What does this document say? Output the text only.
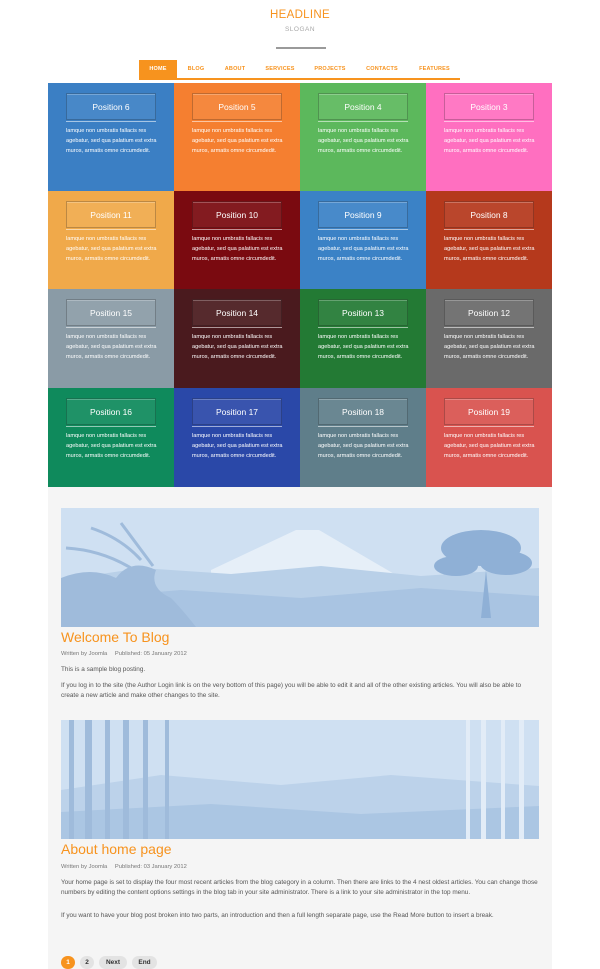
HEADLINE
SLOGAN
HOME	BLOG	ABOUT	SERVICES	PROJECTS	CONTACTS	FEATURES
Position 6
lamque non umbratis fallacis res agebatur, sed qua palatium est extra muros, armatis omne circumdedit.
Position 5
lamque non umbratis fallacis res agebatur, sed qua palatium est extra muros, armatis omne circumdedit.
Position 4
lamque non umbratis fallacis res agebatur, sed qua palatium est extra muros, armatis omne circumdedit.
Position 3
lamque non umbratis fallacis res agebatur, sed qua palatium est extra muros, armatis omne circumdedit.
Position 11
lamque non umbratis fallacis res agebatur, sed qua palatium est extra muros, armatis omne circumdedit.
Position 10
lamque non umbratis fallacis res agebatur, sed qua palatium est extra muros, armatis omne circumdedit.
Position 9
lamque non umbratis fallacis res agebatur, sed qua palatium est extra muros, armatis omne circumdedit.
Position 8
lamque non umbratis fallacis res agebatur, sed qua palatium est extra muros, armatis omne circumdedit.
Position 15
lamque non umbratis fallacis res agebatur, sed qua palatium est extra muros, armatis omne circumdedit.
Position 14
lamque non umbratis fallacis res agebatur, sed qua palatium est extra muros, armatis omne circumdedit.
Position 13
lamque non umbratis fallacis res agebatur, sed qua palatium est extra muros, armatis omne circumdedit.
Position 12
lamque non umbratis fallacis res agebatur, sed qua palatium est extra muros, armatis omne circumdedit.
Position 16
lamque non umbratis fallacis res agebatur, sed qua palatium est extra muros, armatis omne circumdedit.
Position 17
lamque non umbratis fallacis res agebatur, sed qua palatium est extra muros, armatis omne circumdedit.
Position 18
lamque non umbratis fallacis res agebatur, sed qua palatium est extra muros, armatis omne circumdedit.
Position 19
lamque non umbratis fallacis res agebatur, sed qua palatium est extra muros, armatis omne circumdedit.
Welcome To Blog
Written by Joomla Published: 05 January 2012
This is a sample blog posting.
If you log in to the site (the Author Login link is on the very bottom of this page) you will be able to edit it and all of the other existing articles. You will also be able to create a new article and make other changes to the site.
About home page
Written by Joomla Published: 03 January 2012
Your home page is set to display the four most recent articles from the blog category in a column. Then there are links to the 4 nest oldest articles. You can change those numbers by editing the content options settings in the blog tab in your site administrator. There is a link to your site administrator in the top menu.
If you want to have your blog post broken into two parts, an introduction and then a full length separate page, use the Read More button to insert a break.
1	2	Next	End
